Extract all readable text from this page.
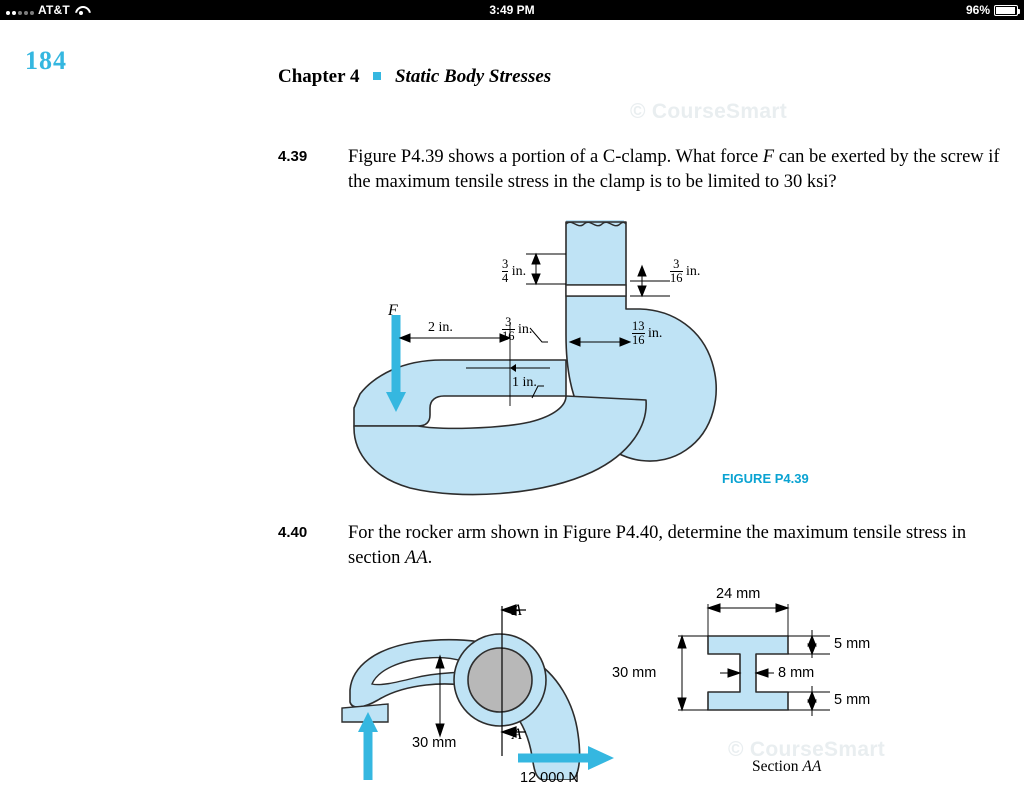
AT&T	3:49 PM	96%
184
Chapter 4 Static Body Stresses
© CourseSmart
© CourseSmart
4.39 Figure P4.39 shows a portion of a C-clamp. What force F can be exerted by the screw if the maximum tensile stress in the clamp is to be limited to 30 ksi?
F
2 in.
$\frac{3}{4}$ in.	$\frac{3}{16}$ in.
$\frac{3}{16}$ in.	$\frac{13}{16}$ in.
1 in.
FIGURE P4.39
4.40 For the rocker arm shown in Figure P4.40, determine the maximum tensile stress in section AA.
A
A
30 mm
12 000 N
24 mm
30 mm
5 mm
8 mm
5 mm
Section AA
